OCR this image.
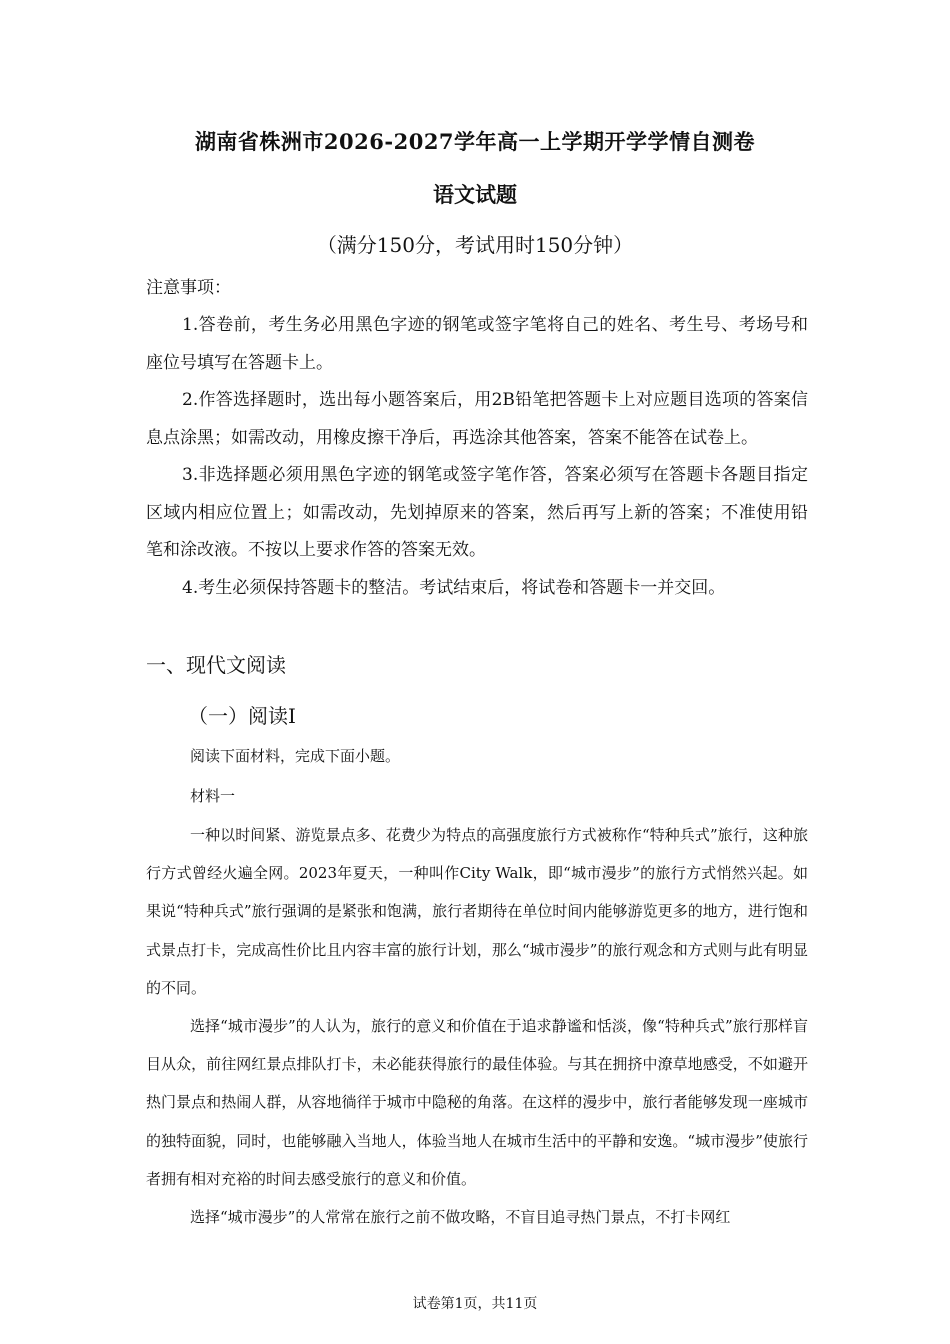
湖南省株洲市2026-2027学年高一上学期开学学情自测卷
语文试题
（满分150分，考试用时150分钟）
注意事项：

1.答卷前，考生务必用黑色字迹的钢笔或签字笔将自己的姓名、考生号、考场号和座位号填写在答题卡上。

2.作答选择题时，选出每小题答案后，用2B铅笔把答题卡上对应题目选项的答案信息点涂黑；如需改动，用橡皮擦干净后，再选涂其他答案，答案不能答在试卷上。

3.非选择题必须用黑色字迹的钢笔或签字笔作答，答案必须写在答题卡各题目指定区域内相应位置上；如需改动，先划掉原来的答案，然后再写上新的答案；不准使用铅笔和涂改液。不按以上要求作答的答案无效。

4.考生必须保持答题卡的整洁。考试结束后，将试卷和答题卡一并交回。

一、现代文阅读
（一）阅读Ⅰ
阅读下面材料，完成下面小题。
材料一

一种以时间紧、游览景点多、花费少为特点的高强度旅行方式被称作“特种兵式”旅行，这种旅行方式曾经火遍全网。2023年夏天，一种叫作City Walk，即“城市漫步”的旅行方式悄然兴起。如果说“特种兵式”旅行强调的是紧张和饱满，旅行者期待在单位时间内能够游览更多的地方，进行饱和式景点打卡，完成高性价比且内容丰富的旅行计划，那么“城市漫步”的旅行观念和方式则与此有明显的不同。

选择“城市漫步”的人认为，旅行的意义和价值在于追求静谧和恬淡，像“特种兵式”旅行那样盲目从众，前往网红景点排队打卡，未必能获得旅行的最佳体验。与其在拥挤中潦草地感受，不如避开热门景点和热闹人群，从容地徜徉于城市中隐秘的角落。在这样的漫步中，旅行者能够发现一座城市的独特面貌，同时，也能够融入当地人，体验当地人在城市生活中的平静和安逸。“城市漫步”使旅行者拥有相对充裕的时间去感受旅行的意义和价值。

选择“城市漫步”的人常常在旅行之前不做攻略，不盲目追寻热门景点，不打卡网红

试卷第1页，共11页
